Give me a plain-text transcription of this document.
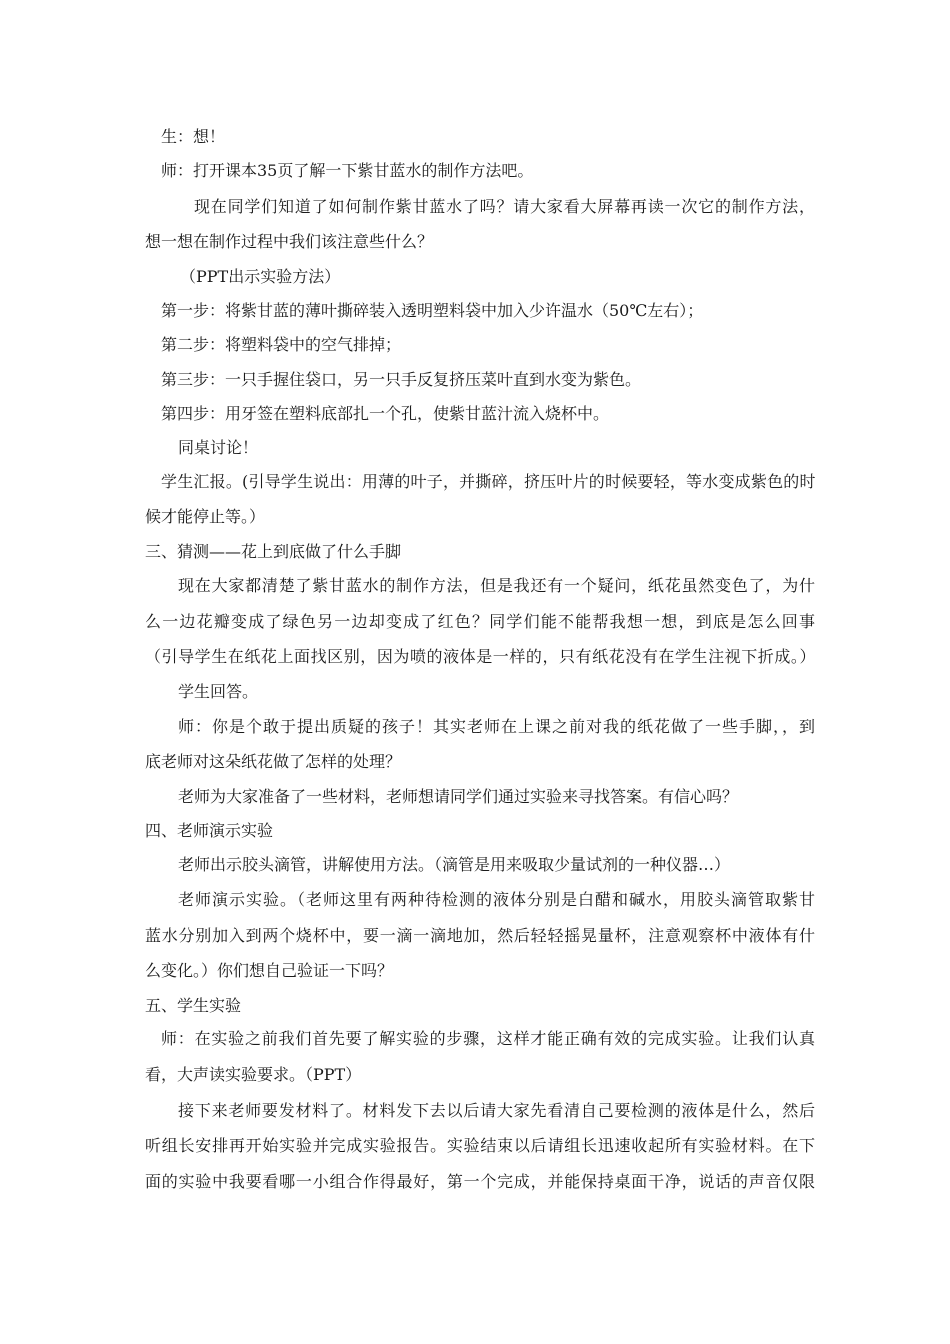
生：想！
师：打开课本35页了解一下紫甘蓝水的制作方法吧。
现在同学们知道了如何制作紫甘蓝水了吗？请大家看大屏幕再读一次它的制作方法，
想一想在制作过程中我们该注意些什么？
（PPT出示实验方法）
第一步：将紫甘蓝的薄叶撕碎装入透明塑料袋中加入少许温水（50℃左右）；
第二步：将塑料袋中的空气排掉；
第三步：一只手握住袋口，另一只手反复挤压菜叶直到水变为紫色。
第四步：用牙签在塑料底部扎一个孔，使紫甘蓝汁流入烧杯中。
同桌讨论！
学生汇报。(引导学生说出：用薄的叶子，并撕碎，挤压叶片的时候要轻，等水变成紫色的时
候才能停止等。）
三、猜测——花上到底做了什么手脚
现在大家都清楚了紫甘蓝水的制作方法，但是我还有一个疑问，纸花虽然变色了，为什
么一边花瓣变成了绿色另一边却变成了红色？同学们能不能帮我想一想，到底是怎么回事
（引导学生在纸花上面找区别，因为喷的液体是一样的，只有纸花没有在学生注视下折成。）
学生回答。
师：你是个敢于提出质疑的孩子！其实老师在上课之前对我的纸花做了一些手脚，，到
底老师对这朵纸花做了怎样的处理？
老师为大家准备了一些材料，老师想请同学们通过实验来寻找答案。有信心吗？
四、老师演示实验
老师出示胶头滴管，讲解使用方法。（滴管是用来吸取少量试剂的一种仪器…）
老师演示实验。（老师这里有两种待检测的液体分别是白醋和碱水，用胶头滴管取紫甘
蓝水分别加入到两个烧杯中，要一滴一滴地加，然后轻轻摇晃量杯，注意观察杯中液体有什
么变化。）你们想自己验证一下吗？
五、学生实验
师：在实验之前我们首先要了解实验的步骤，这样才能正确有效的完成实验。让我们认真
看，大声读实验要求。（PPT）
接下来老师要发材料了。材料发下去以后请大家先看清自己要检测的液体是什么，然后
听组长安排再开始实验并完成实验报告。实验结束以后请组长迅速收起所有实验材料。在下
面的实验中我要看哪一小组合作得最好，第一个完成，并能保持桌面干净，说话的声音仅限
